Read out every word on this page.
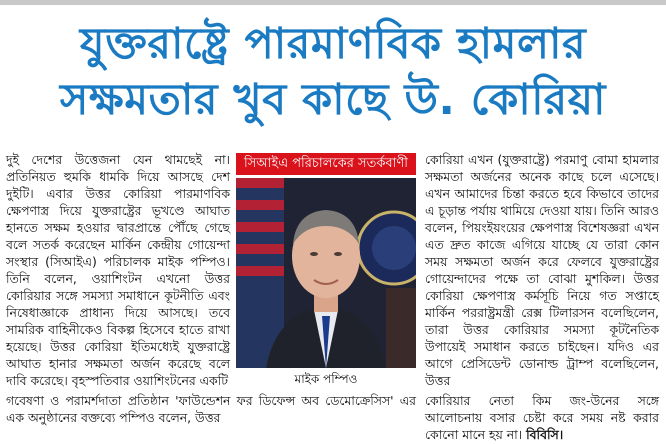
যুক্তরাষ্ট্রে পারমাণবিক হামলার
সক্ষমতার খুব কাছে উ. কোরিয়া

দুই দেশের উত্তেজনা যেন থামছেই না। প্রতিনিয়ত হুমকি ধামকি দিয়ে আসছে দেশ দুইটি। এবার উত্তর কোরিয়া পারমাণবিক ক্ষেপণাস্ত্র দিয়ে যুক্তরাষ্ট্রের ভূখণ্ডে আঘাত হানতে সক্ষম হওয়ার দ্বারপ্রান্তে পৌঁছে গেছে বলে সতর্ক করেছেন মার্কিন কেন্দ্রীয় গোয়েন্দা সংস্থার (সিআইএ) পরিচালক মাইক পম্পিও। তিনি বলেন, ওয়াশিংটন এখনো উত্তর কোরিয়ার সঙ্গে সমস্যা সমাধানে কূটনীতি এবং নিষেধাজ্ঞাকে প্রাধান্য দিয়ে আসছে। তবে সামরিক বাহিনীকেও বিকল্প হিসেবে হাতে রাখা হয়েছে। উত্তর কোরিয়া ইতিমধ্যেই যুক্তরাষ্ট্রে আঘাত হানার সক্ষমতা অর্জন করেছে বলে দাবি করেছে। বৃহস্পতিবার ওয়াশিংটনের একটি

গবেষণা ও পরামর্শদাতা প্রতিষ্ঠান 'ফাউন্ডেশন ফর ডিফেন্স অব ডেমোক্রেসিস' এর এক অনুষ্ঠানের বক্তব্যে পম্পিও বলেন, উত্তর
সিআইএ পরিচালকের সতর্কবাণী
মাইক পম্পিও

কোরিয়া এখন (যুক্তরাষ্ট্রে) পরমাণু বোমা হামলার সক্ষমতা অর্জনের অনেক কাছে চলে এসেছে। এখন আমাদের চিন্তা করতে হবে কিভাবে তাদের এ চূড়ান্ত পর্যায় থামিয়ে দেওয়া যায়। তিনি আরও বলেন, পিয়ংইয়ংয়ের ক্ষেপণাস্ত্র বিশেষজ্ঞরা এখন এত দ্রুত কাজে এগিয়ে যাচ্ছে যে তারা কোন সময় সক্ষমতা অর্জন করে ফেলবে যুক্তরাষ্ট্রের গোয়েন্দাদের পক্ষে তা বোঝা মুশকিল। উত্তর কোরিয়া ক্ষেপণাস্ত্র কর্মসূচি নিয়ে গত সপ্তাহে মার্কিন পররাষ্ট্রমন্ত্রী রেক্স টিলারসন বলেছিলেন, তারা উত্তর কোরিয়ার সমস্যা কূটনৈতিক উপায়েই সমাধান করতে চাইছেন। যদিও এর আগে প্রেসিডেন্ট ডোনাল্ড ট্রাম্প বলেছিলেন, উত্তর

কোরিয়ার নেতা কিম জং-উনের সঙ্গে আলোচনায় বসার চেষ্টা করে সময় নষ্ট করার কোনো মানে হয় না। বিবিসি।
